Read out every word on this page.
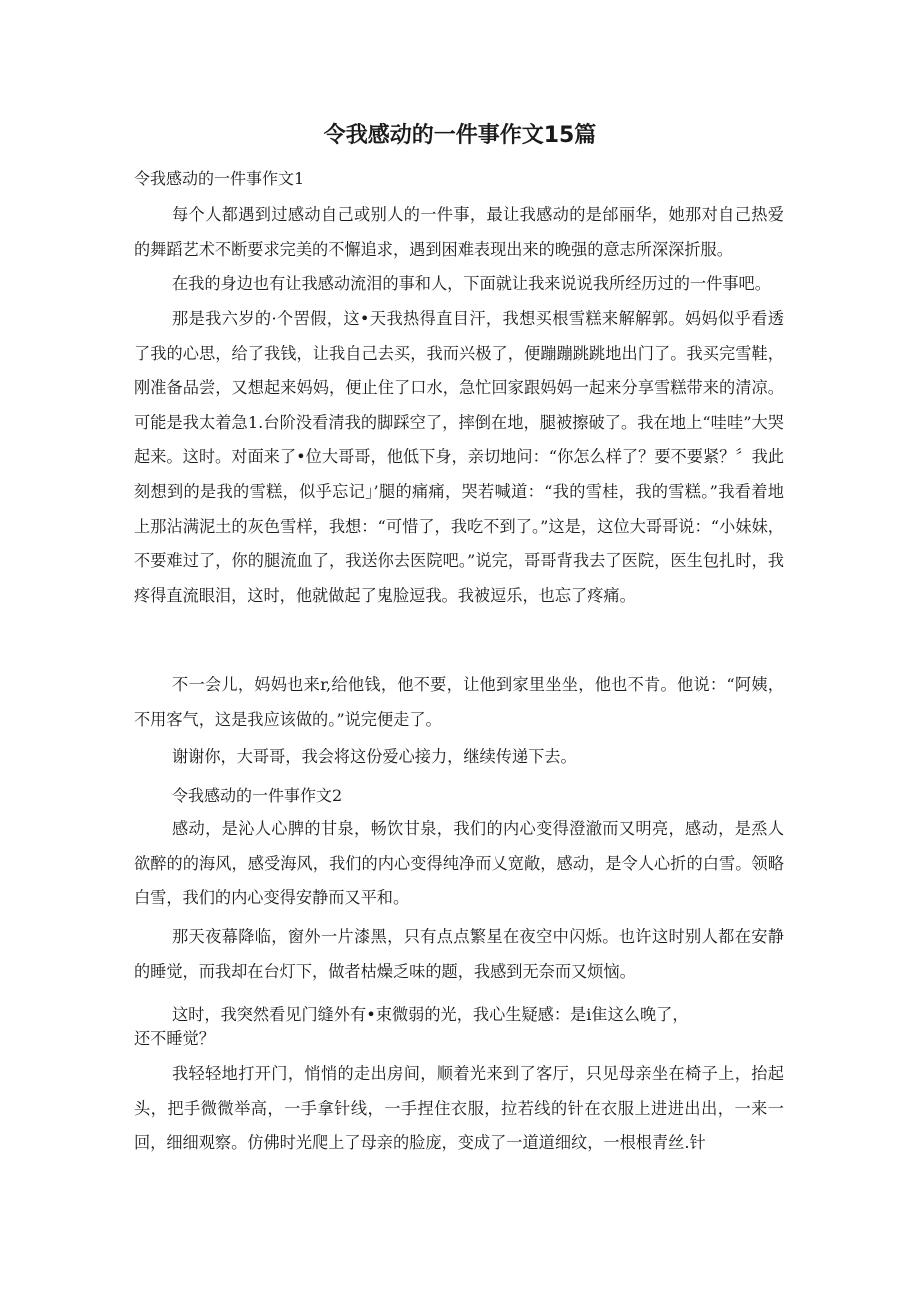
令我感动的一件事作文15篇
令我感动的一件事作文1
每个人都遇到过感动自己或别人的一件事，最让我感动的是邰丽华，她那对自己热爱的舞蹈艺术不断要求完美的不懈追求，遇到困难表现出来的晚强的意志所深深折服。
在我的身边也有让我感动流泪的事和人，下面就让我来说说我所经历过的一件事吧。
那是我六岁的·个罟假，这•天我热得直目汗，我想买根雪糕来解解郭。妈妈似乎看透了我的心思，给了我钱，让我自己去买，我而兴极了，便蹦蹦跳跳地出门了。我买完雪鞋，刚准备品尝，又想起来妈妈，便止住了口水，急忙回家跟妈妈一起来分享雪糕带来的清凉。可能是我太着急1.台阶没看清我的脚踩空了，摔倒在地，腿被擦破了。我在地上“哇哇”大哭起来。这时。对面来了•位大哥哥，他低下身，亲切地问：“你怎么样了？要不要紧？〞我此刻想到的是我的雪糕，似乎忘记」’腿的痛痛，哭若喊道：“我的雪桂，我的雪糕。”我看着地上那沾满泥土的灰色雪样，我想：“可惜了，我吃不到了。”这是，这位大哥哥说：“小妹妹，不要难过了，你的腿流血了，我送你去医院吧。”说完，哥哥背我去了医院，医生包扎时，我疼得直流眼泪，这时，他就做起了鬼脸逗我。我被逗乐，也忘了疼痛。
不一会儿，妈妈也来r,给他钱，他不要，让他到家里坐坐，他也不肯。他说：“阿姨，不用客气，这是我应该做的。”说完便走了。
谢谢你，大哥哥，我会将这份爱心接力，继续传递下去。
令我感动的一件事作文2
感动，是沁人心脾的甘泉，畅饮甘泉，我们的内心变得澄澈而又明亮，感动，是烝人欲醉的的海风，感受海风，我们的内心变得纯净而乂宽敞，感动，是令人心折的白雪。领略白雪，我们的内心变得安静而又平和。
那天夜幕降临，窗外一片漆黑，只有点点繁星在夜空中闪烁。也许这时别人都在安静的睡觉，而我却在台灯下，做者枯燥乏味的题，我感到无奈而又烦恼。
这时，我突然看见门缝外有•束微弱的光，我心生疑感：是i隹这么晚了，
还不睡觉？
我轻轻地打开门，悄悄的走出房间，顺着光来到了客厅，只见母亲坐在椅子上，抬起头，把手微微举高，一手拿针线，一手捏住衣服，拉若线的针在衣服上进进出出，一来一回，细细观察。仿佛时光爬上了母亲的脸庞，变成了一道道细纹，一根根青丝.针
